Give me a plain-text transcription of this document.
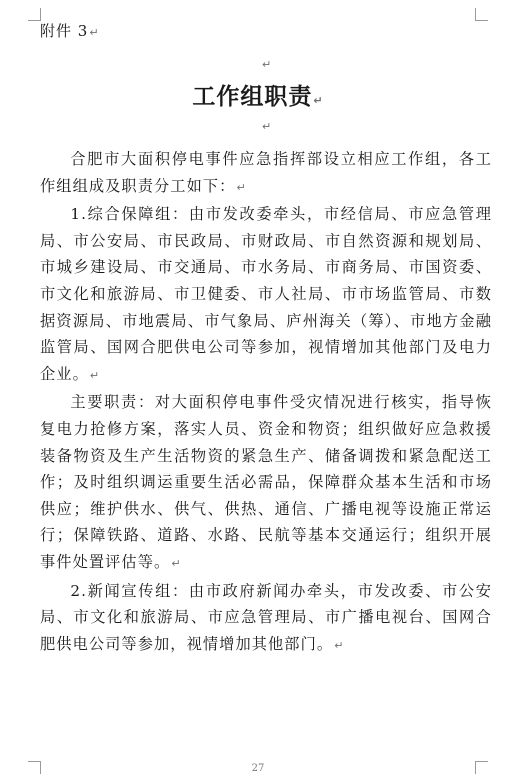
附件 3↵
↵
工作组职责↵
↵

合肥市大面积停电事件应急指挥部设立相应工作组，各工作组组成及职责分工如下：↵

1.综合保障组：由市发改委牵头，市经信局、市应急管理局、市公安局、市民政局、市财政局、市自然资源和规划局、市城乡建设局、市交通局、市水务局、市商务局、市国资委、市文化和旅游局、市卫健委、市人社局、市市场监管局、市数据资源局、市地震局、市气象局、庐州海关（筹）、市地方金融监管局、国网合肥供电公司等参加，视情增加其他部门及电力企业。↵

主要职责：对大面积停电事件受灾情况进行核实，指导恢复电力抢修方案，落实人员、资金和物资；组织做好应急救援装备物资及生产生活物资的紧急生产、储备调拨和紧急配送工作；及时组织调运重要生活必需品，保障群众基本生活和市场供应；维护供水、供气、供热、通信、广播电视等设施正常运行；保障铁路、道路、水路、民航等基本交通运行；组织开展事件处置评估等。↵

2.新闻宣传组：由市政府新闻办牵头，市发改委、市公安局、市文化和旅游局、市应急管理局、市广播电视台、国网合肥供电公司等参加，视情增加其他部门。↵

27
